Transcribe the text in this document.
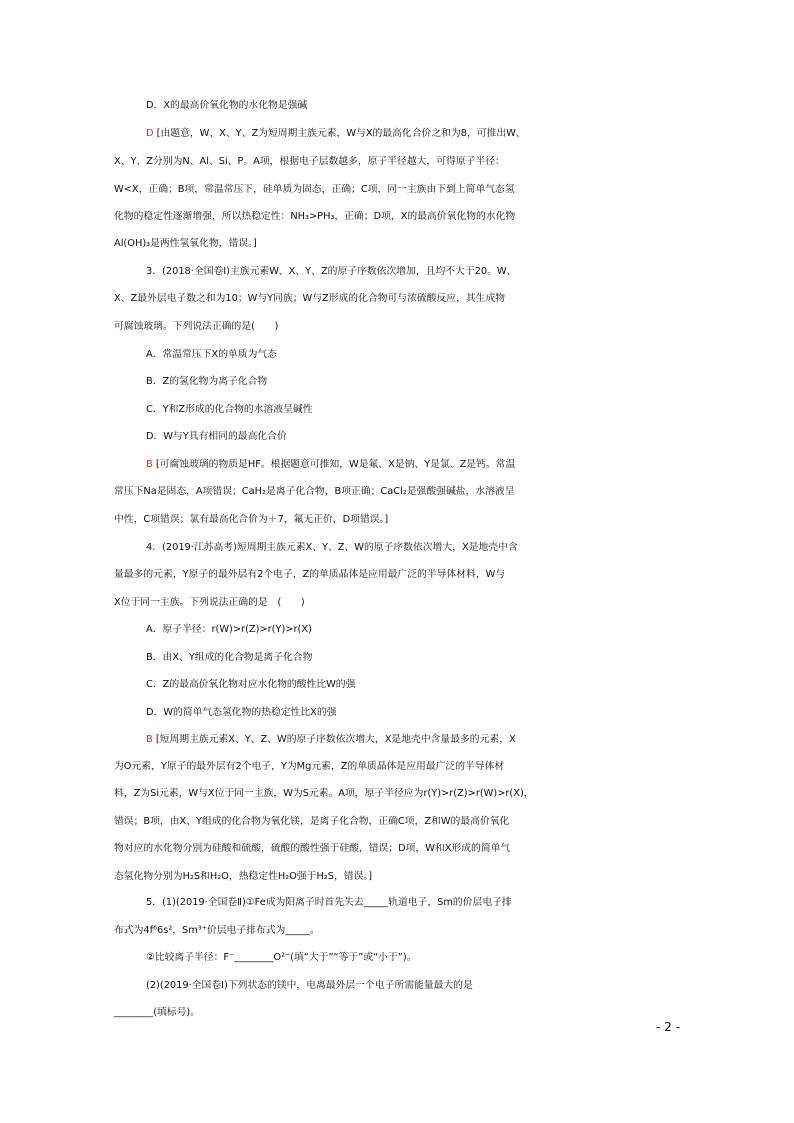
D．X的最高价氧化物的水化物是强碱
D [由题意，W、X、Y、Z为短周期主族元素，W与X的最高化合价之和为8，可推出W、
X、Y、Z分别为N、Al、Si、P。A项，根据电子层数越多，原子半径越大，可得原子半径：
W<X，正确；B项，常温常压下，硅单质为固态，正确；C项，同一主族由下到上简单气态氢
化物的稳定性逐渐增强，所以热稳定性：NH₃>PH₃，正确；D项，X的最高价氧化物的水化物
Al(OH)₃是两性氢氧化物，错误。]
3．(2018·全国卷Ⅰ)主族元素W、X、Y、Z的原子序数依次增加，且均不大于20。W、
X、Z最外层电子数之和为10；W与Y同族；W与Z形成的化合物可与浓硫酸反应，其生成物
可腐蚀玻璃。下列说法正确的是(　　)
A．常温常压下X的单质为气态
B．Z的氢化物为离子化合物
C．Y和Z形成的化合物的水溶液呈碱性
D．W与Y具有相同的最高化合价
B [可腐蚀玻璃的物质是HF。根据题意可推知，W是氟、X是钠、Y是氯、Z是钙。常温
常压下Na是固态，A项错误；CaH₂是离子化合物，B项正确；CaCl₂是强酸强碱盐，水溶液呈
中性，C项错误；氯有最高化合价为＋7，氟无正价，D项错误。]
4．(2019·江苏高考)短周期主族元素X、Y、Z、W的原子序数依次增大，X是地壳中含
量最多的元素，Y原子的最外层有2个电子，Z的单质晶体是应用最广泛的半导体材料，W与
X位于同一主族。下列说法正确的是　(　　)
A．原子半径：r(W)>r(Z)>r(Y)>r(X)
B．由X、Y组成的化合物是离子化合物
C．Z的最高价氧化物对应水化物的酸性比W的强
D．W的简单气态氢化物的热稳定性比X的强
B [短周期主族元素X、Y、Z、W的原子序数依次增大，X是地壳中含量最多的元素，X
为O元素，Y原子的最外层有2个电子，Y为Mg元素，Z的单质晶体是应用最广泛的半导体材
料，Z为Si元素，W与X位于同一主族，W为S元素。A项，原子半径应为r(Y)>r(Z)>r(W)>r(X)，
错误；B项，由X、Y组成的化合物为氧化镁，是离子化合物，正确C项，Z和W的最高价氧化
物对应的水化物分别为硅酸和硫酸，硫酸的酸性强于硅酸，错误；D项，W和X形成的简单气
态氢化物分别为H₂S和H₂O，热稳定性H₂O强于H₂S，错误。]
5．(1)(2019·全国卷Ⅱ)①Fe成为阳离子时首先失去_____轨道电子，Sm的价层电子排
布式为4f⁶6s²，Sm³⁺价层电子排布式为_____。
②比较离子半径：F⁻________O²⁻(填“大于”“等于”或“小于”)。
(2)(2019·全国卷Ⅰ)下列状态的镁中，电离最外层一个电子所需能量最大的是
________(填标号)。
- 2 -
